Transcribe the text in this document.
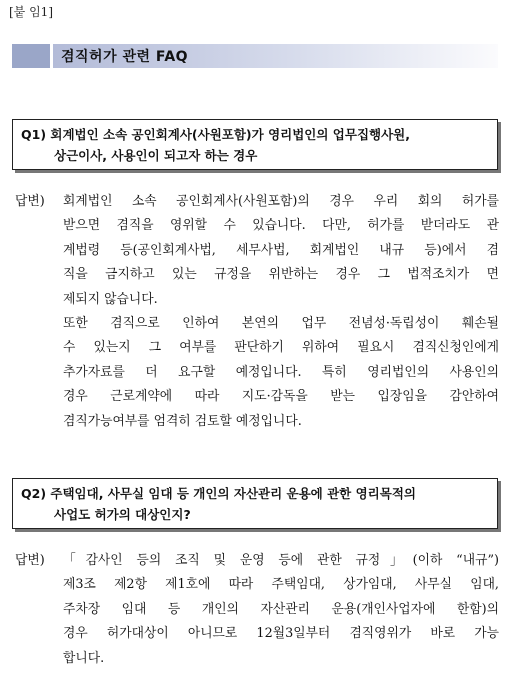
[붙 임1]
겸직허가 관련 FAQ
Q1) 회계법인 소속 공인회계사(사원포함)가 영리법인의 업무집행사원,
상근이사, 사용인이 되고자 하는 경우
답변) 회계법인 소속 공인회계사(사원포함)의 경우 우리 회의 허가를
받으면 겸직을 영위할 수 있습니다. 다만, 허가를 받더라도 관
계법령 등(공인회계사법, 세무사법, 회계법인 내규 등)에서 겸
직을 금지하고 있는 규정을 위반하는 경우 그 법적조치가 면
제되지 않습니다.
또한 겸직으로 인하여 본연의 업무 전념성·독립성이 훼손될
수 있는지 그 여부를 판단하기 위하여 필요시 겸직신청인에게
추가자료를 더 요구할 예정입니다. 특히 영리법인의 사용인의
경우 근로계약에 따라 지도·감독을 받는 입장임을 감안하여
겸직가능여부를 엄격히 검토할 예정입니다.
Q2) 주택임대, 사무실 임대 등 개인의 자산관리 운용에 관한 영리목적의
사업도 허가의 대상인지?
답변) 「감사인 등의 조직 및 운영 등에 관한 규정」(이하 “내규”)
제3조 제2항 제1호에 따라 주택임대, 상가임대, 사무실 임대,
주차장 임대 등 개인의 자산관리 운용(개인사업자에 한함)의
경우 허가대상이 아니므로 12월3일부터 겸직영위가 바로 가능
합니다.
